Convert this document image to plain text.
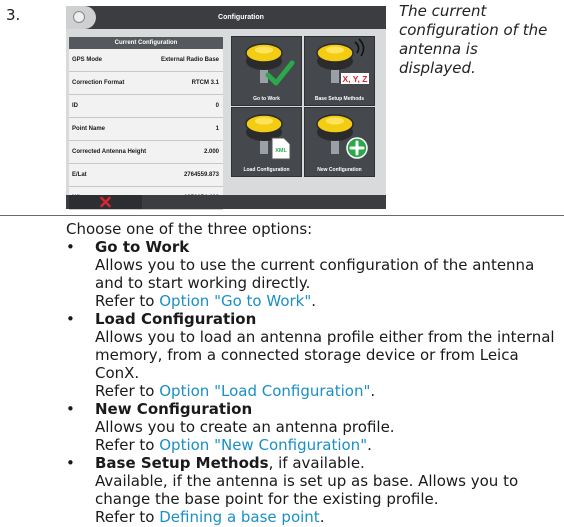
3.	The current configuration of the antenna is displayed.
Configuration
Current Configuration
GPS Mode	External Radio Base
Correction Format	RTCM 3.1
ID	0
Point Name	1
Corrected Antenna Height	2.000
E/Lat	2764559.873
Go to Work
X, Y, Z
Base Setup Methods
XML
Load Configuration	New Configuration

Choose one of the three options:

• Go to Work
Allows you to use the current configuration of the antenna and to start working directly.
Refer to Option "Go to Work".
• Load Configuration
Allows you to load an antenna profile either from the internal memory, from a connected storage device or from Leica ConX.
Refer to Option "Load Configuration".
• New Configuration
Allows you to create an antenna profile.
Refer to Option "New Configuration".
• Base Setup Methods, if available.
Available, if the antenna is set up as base. Allows you to change the base point for the existing profile.
Refer to Defining a base point.
